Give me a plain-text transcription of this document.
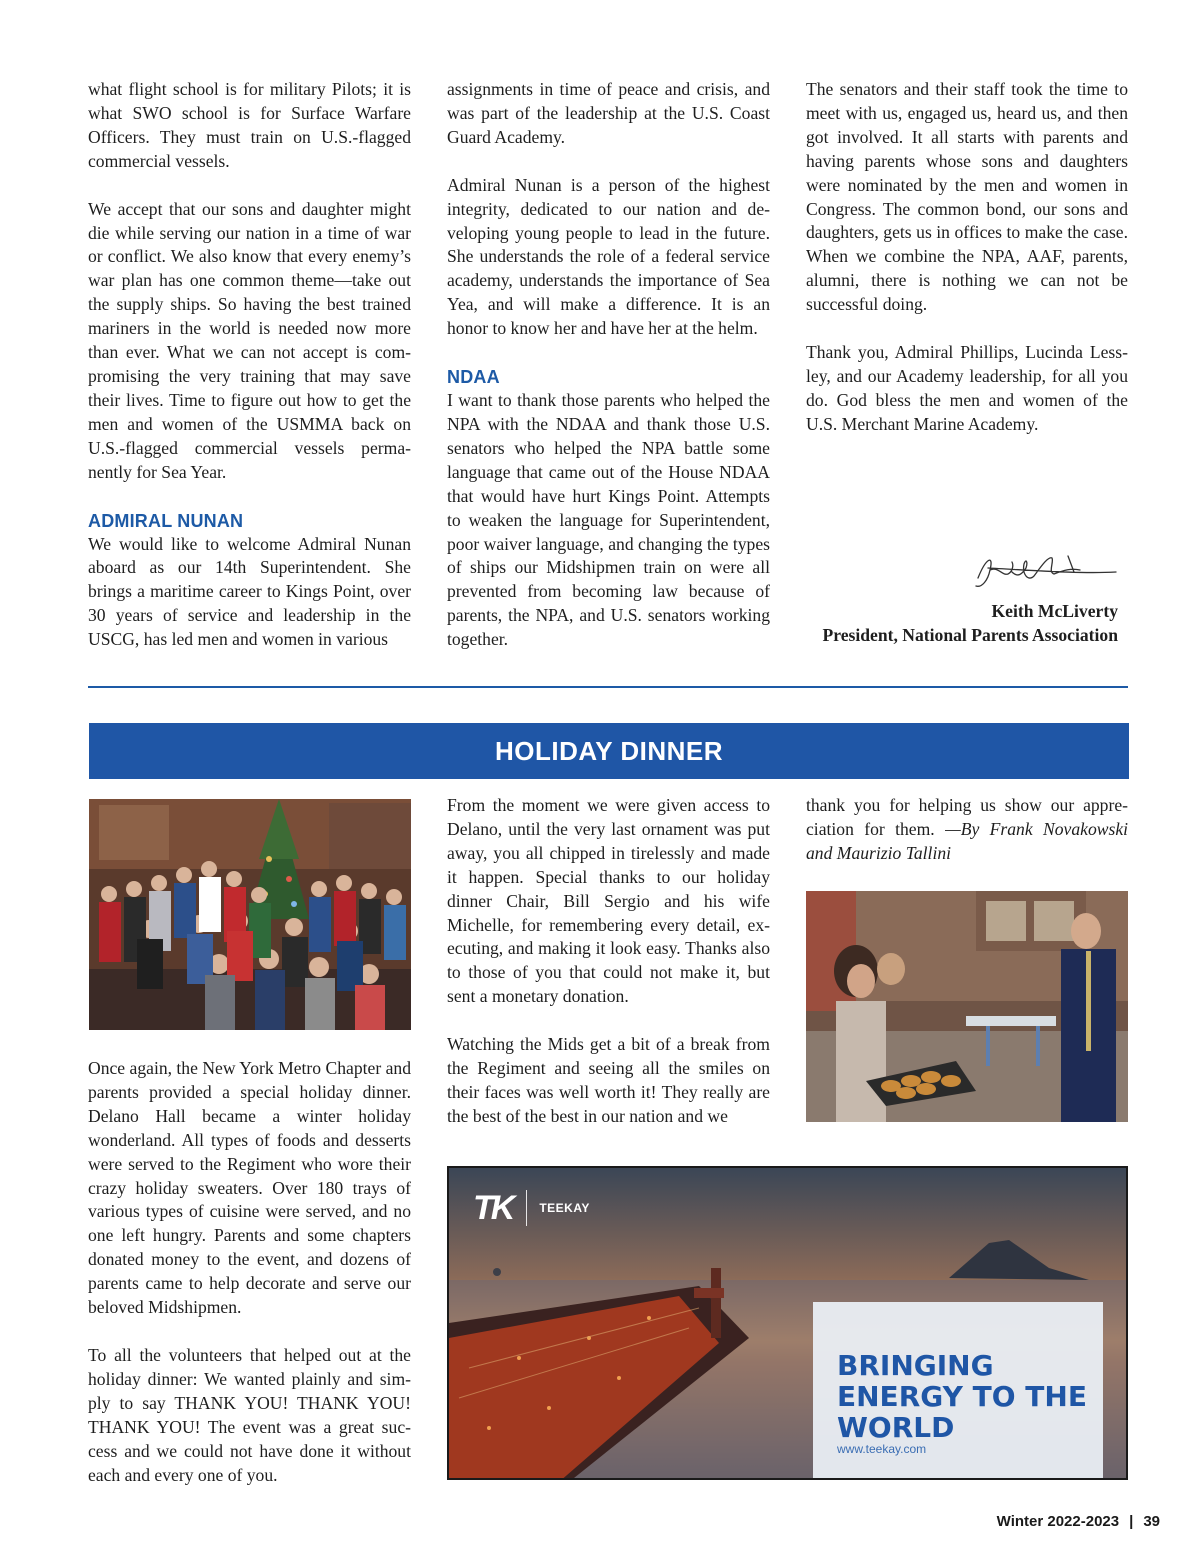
what flight school is for military Pilots; it is what SWO school is for Surface Warfare Officers. They must train on U.S.-flagged commercial vessels.

We accept that our sons and daughter might die while serving our nation in a time of war or conflict. We also know that every enemy’s war plan has one common theme—take out the supply ships. So having the best trained mariners in the world is needed now more than ever. What we can not accept is compromising the very training that may save their lives. Time to figure out how to get the men and women of the USMMA back on U.S.-flagged commercial vessels permanently for Sea Year.

ADMIRAL NUNAN

We would like to welcome Admiral Nunan aboard as our 14th Superintendent. She brings a maritime career to Kings Point, over 30 years of service and leadership in the USCG, has led men and women in various

assignments in time of peace and crisis, and was part of the leadership at the U.S. Coast Guard Academy.

Admiral Nunan is a person of the highest integrity, dedicated to our nation and developing young people to lead in the future. She understands the role of a federal service academy, understands the importance of Sea Yea, and will make a difference. It is an honor to know her and have her at the helm.

NDAA

I want to thank those parents who helped the NPA with the NDAA and thank those U.S. senators who helped the NPA battle some language that came out of the House NDAA that would have hurt Kings Point. Attempts to weaken the language for Superintendent, poor waiver language, and changing the types of ships our Midshipmen train on were all prevented from becoming law because of parents, the NPA, and U.S. senators working together.

The senators and their staff took the time to meet with us, engaged us, heard us, and then got involved. It all starts with parents and having parents whose sons and daughters were nominated by the men and women in Congress. The common bond, our sons and daughters, gets us in offices to make the case. When we combine the NPA, AAF, parents, alumni, there is nothing we can not be successful doing.

Thank you, Admiral Phillips, Lucinda Lessley, and our Academy leadership, for all you do. God bless the men and women of the U.S. Merchant Marine Academy.

Keith McLiverty
President, National Parents Association
HOLIDAY DINNER

Once again, the New York Metro Chapter and parents provided a special holiday dinner. Delano Hall became a winter holiday wonderland. All types of foods and desserts were served to the Regiment who wore their crazy holiday sweaters. Over 180 trays of various types of cuisine were served, and no one left hungry. Parents and some chapters donated money to the event, and dozens of parents came to help decorate and serve our beloved Midshipmen.

To all the volunteers that helped out at the holiday dinner: We wanted plainly and simply to say THANK YOU! THANK YOU! THANK YOU! The event was a great success and we could not have done it without each and every one of you.

From the moment we were given access to Delano, until the very last ornament was put away, you all chipped in tirelessly and made it happen. Special thanks to our holiday dinner Chair, Bill Sergio and his wife Michelle, for remembering every detail, executing, and making it look easy. Thanks also to those of you that could not make it, but sent a monetary donation.

Watching the Mids get a bit of a break from the Regiment and seeing all the smiles on their faces was well worth it! They really are the best of the best in our nation and we

thank you for helping us show our appreciation for them. —By Frank Novakowski and Maurizio Tallini

TK TEEKAY
BRINGING ENERGY TO THE WORLD
www.teekay.com
Winter 2022-2023 | 39
